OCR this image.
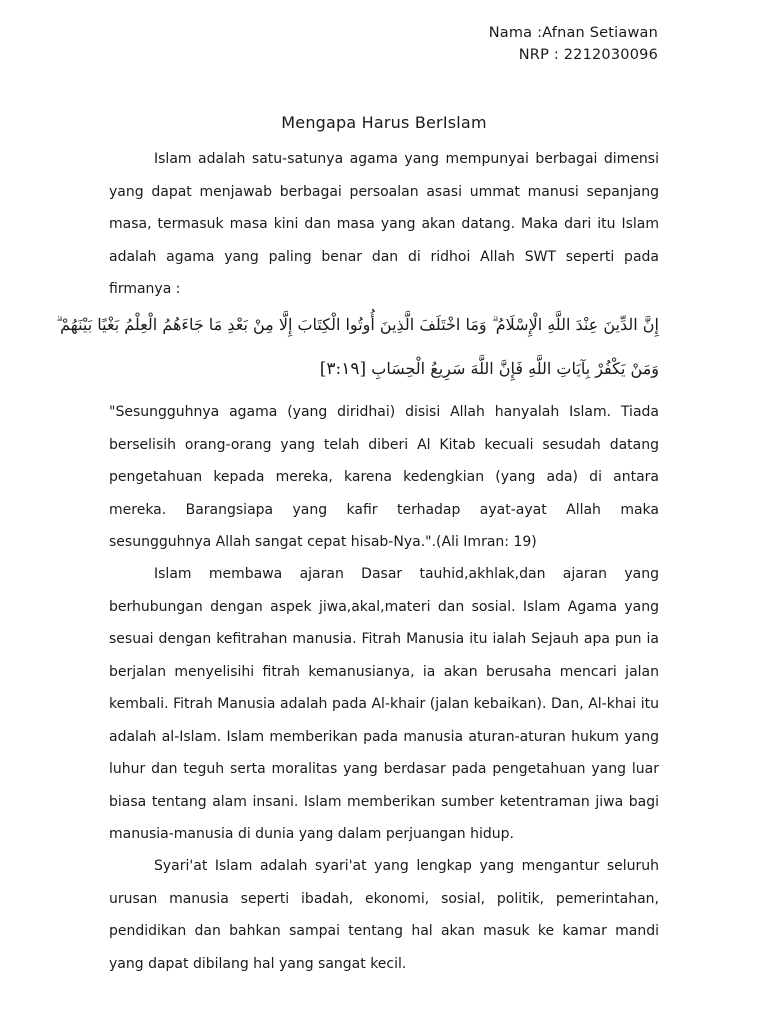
Nama :Afnan Setiawan
NRP : 2212030096
Mengapa Harus BerIslam

Islam adalah satu-satunya agama yang mempunyai berbagai dimensi yang dapat menjawab berbagai persoalan asasi ummat manusi sepanjang masa, termasuk masa kini dan masa yang akan datang. Maka dari itu Islam adalah agama yang paling benar dan di ridhoi Allah SWT seperti pada firmanya :

إِنَّ الدِّينَ عِنْدَ اللَّهِ الْإِسْلَامُ ۗ وَمَا اخْتَلَفَ الَّذِينَ أُوتُوا الْكِتَابَ إِلَّا مِنْ بَعْدِ مَا جَاءَهُمُ الْعِلْمُ بَغْيًا بَيْنَهُمْ ۗ
وَمَنْ يَكْفُرْ بِآيَاتِ اللَّهِ فَإِنَّ اللَّهَ سَرِيعُ الْحِسَابِ [٣:١٩]

"Sesungguhnya agama (yang diridhai) disisi Allah hanyalah Islam. Tiada berselisih orang-orang yang telah diberi Al Kitab kecuali sesudah datang pengetahuan kepada mereka, karena kedengkian (yang ada) di antara mereka. Barangsiapa yang kafir terhadap ayat-ayat Allah maka sesungguhnya Allah sangat cepat hisab-Nya.".(Ali Imran: 19)

Islam membawa ajaran Dasar tauhid,akhlak,dan ajaran yang berhubungan dengan aspek jiwa,akal,materi dan sosial. Islam Agama yang sesuai dengan kefitrahan manusia. Fitrah Manusia itu ialah Sejauh apa pun ia berjalan menyelisihi fitrah kemanusianya, ia akan berusaha mencari jalan kembali. Fitrah Manusia adalah pada Al-khair (jalan kebaikan). Dan, Al-khai itu adalah al-Islam. Islam memberikan pada manusia aturan-aturan hukum yang luhur dan teguh serta moralitas yang berdasar pada pengetahuan yang luar biasa tentang alam insani. Islam memberikan sumber ketentraman jiwa bagi manusia-manusia di dunia yang dalam perjuangan hidup.

Syari'at Islam adalah syari'at yang lengkap yang mengantur seluruh urusan manusia seperti ibadah, ekonomi, sosial, politik, pemerintahan, pendidikan dan bahkan sampai tentang hal akan masuk ke kamar mandi yang dapat dibilang hal yang sangat kecil.
